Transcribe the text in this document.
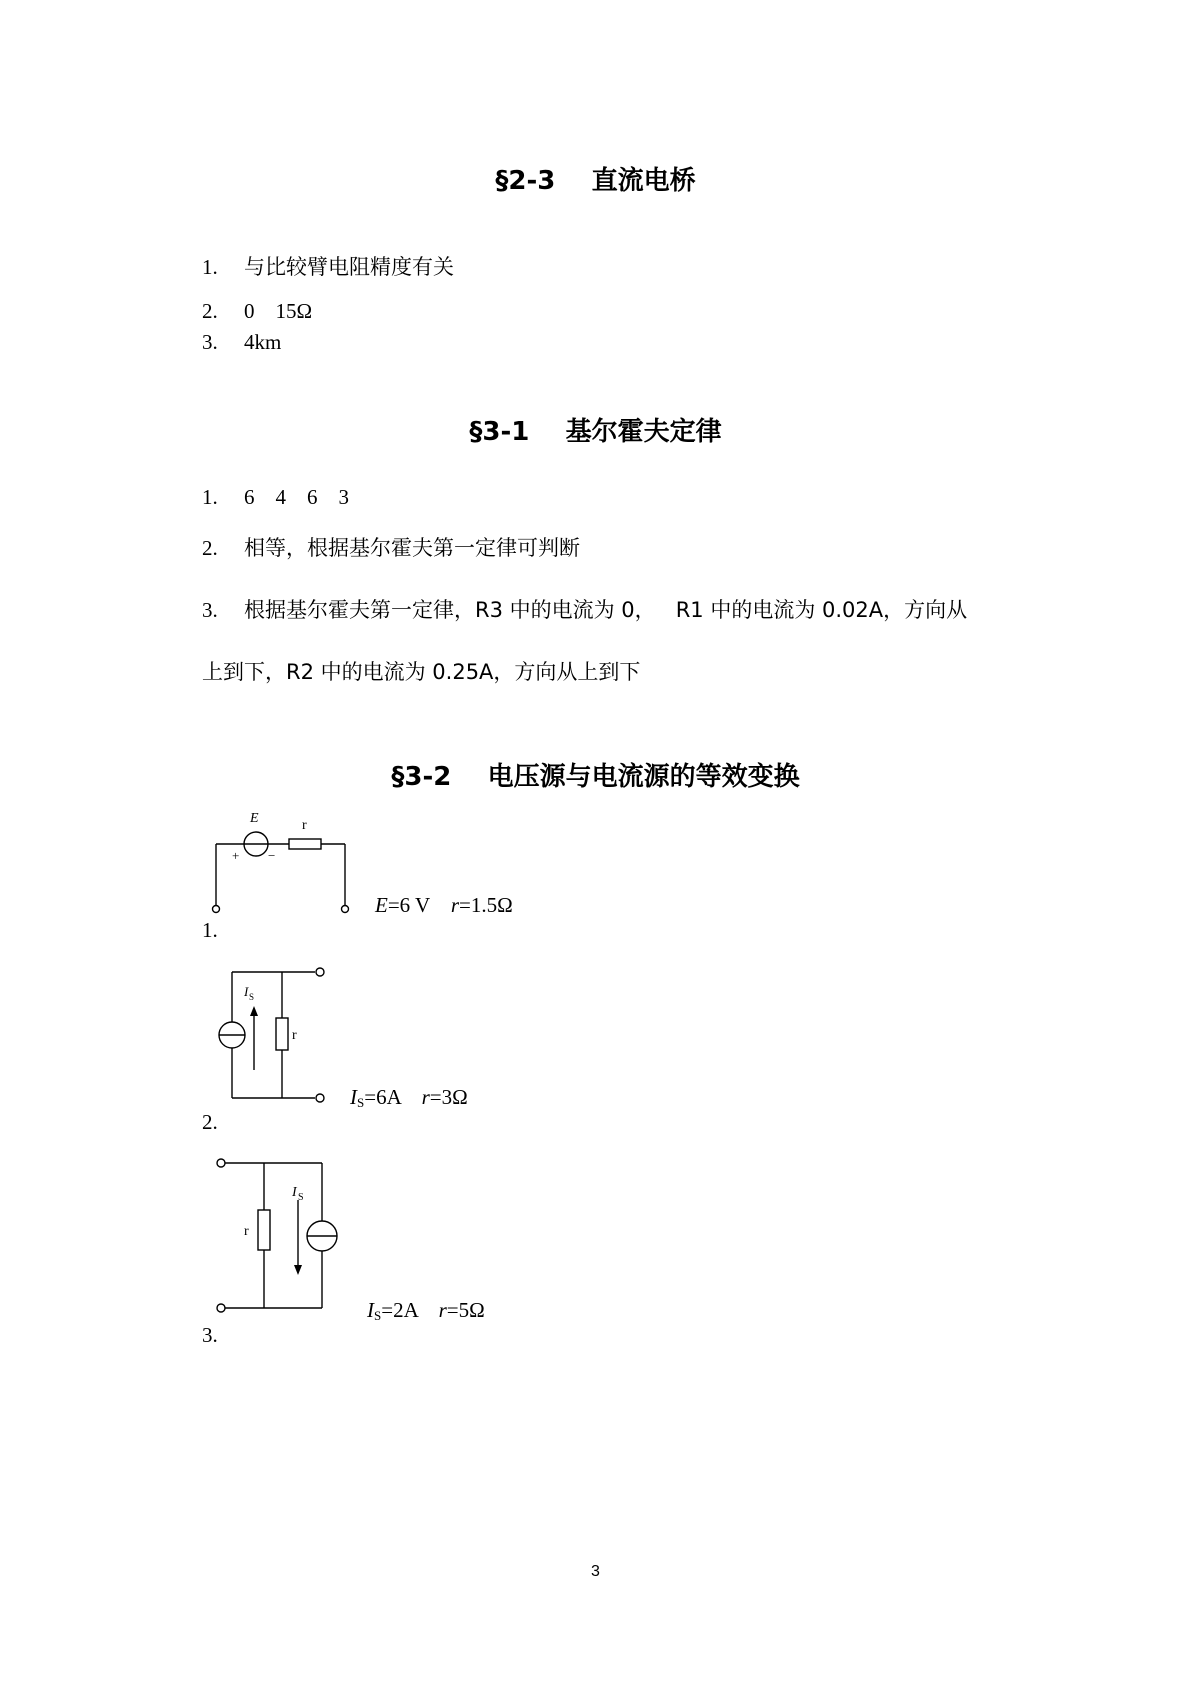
§2-3    直流电桥

1. 与比较臂电阻精度有关

2. 0    15Ω

3. 4km

§3-1    基尔霍夫定律

1. 6    4    6    3

2. 相等，根据基尔霍夫第一定律可判断

3. 根据基尔霍夫第一定律，R3 中的电流为 0，   R1 中的电流为 0.02A，方向从

上到下，R2 中的电流为 0.25A，方向从上到下

§3-2    电压源与电流源的等效变换
E	r
+ −

1.

E=6 V r=1.5Ω
I S
r

2.

$I_S=6A$ r=3Ω
I S
r

3.

$I_S=2A$ r=5Ω
3
